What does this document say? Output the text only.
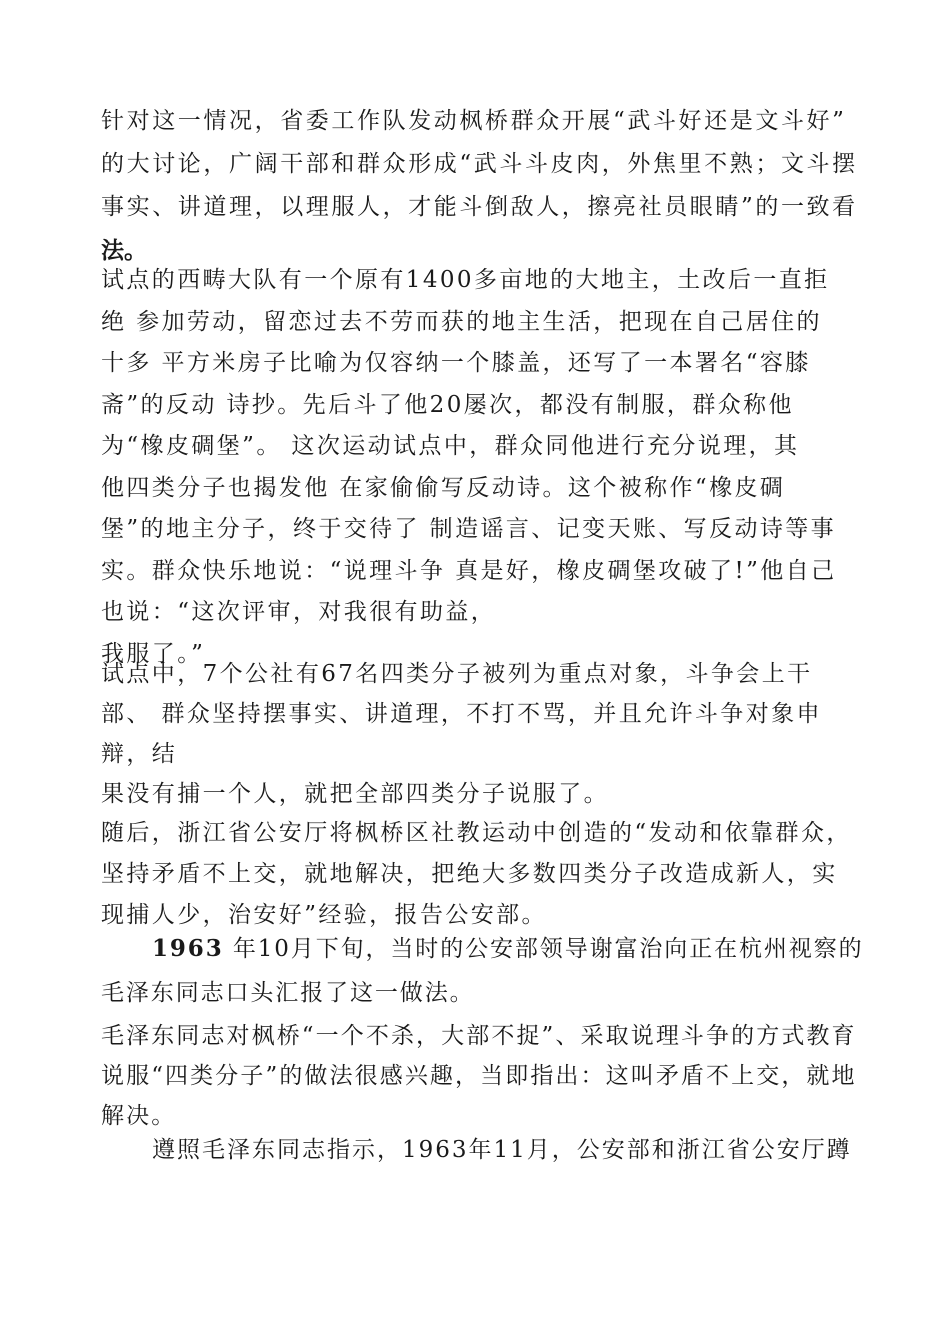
针对这一情况，省委工作队发动枫桥群众开展“武斗好还是文斗好”
的大讨论，广阔干部和群众形成“武斗斗皮肉，外焦里不熟；文斗摆
事实、讲道理，以理服人，才能斗倒敌人，擦亮社员眼睛”的一致看
法。
试点的西畴大队有一个原有1400多亩地的大地主，土改后一直拒
绝 参加劳动，留恋过去不劳而获的地主生活，把现在自己居住的
十多 平方米房子比喻为仅容纳一个膝盖，还写了一本署名“容膝
斋”的反动 诗抄。先后斗了他20屡次，都没有制服，群众称他
为“橡皮碉堡”。 这次运动试点中，群众同他进行充分说理，其
他四类分子也揭发他 在家偷偷写反动诗。这个被称作“橡皮碉
堡”的地主分子，终于交待了 制造谣言、记变天账、写反动诗等事
实。群众快乐地说：“说理斗争 真是好，橡皮碉堡攻破了!”他自己
也说：“这次评审，对我很有助益，
我服了。”
试点中，7个公社有67名四类分子被列为重点对象，斗争会上干
部、 群众坚持摆事实、讲道理，不打不骂，并且允许斗争对象申
辩，结
果没有捕一个人，就把全部四类分子说服了。
随后，浙江省公安厅将枫桥区社教运动中创造的“发动和依靠群众，
坚持矛盾不上交，就地解决，把绝大多数四类分子改造成新人，实
现捕人少，治安好”经验，报告公安部。
1963 年10月下旬，当时的公安部领导谢富治向正在杭州视察的
毛泽东同志口头汇报了这一做法。
毛泽东同志对枫桥“一个不杀，大部不捉”、采取说理斗争的方式教育
说服“四类分子”的做法很感兴趣，当即指出：这叫矛盾不上交，就地
解决。
遵照毛泽东同志指示，1963年11月，公安部和浙江省公安厅蹲
